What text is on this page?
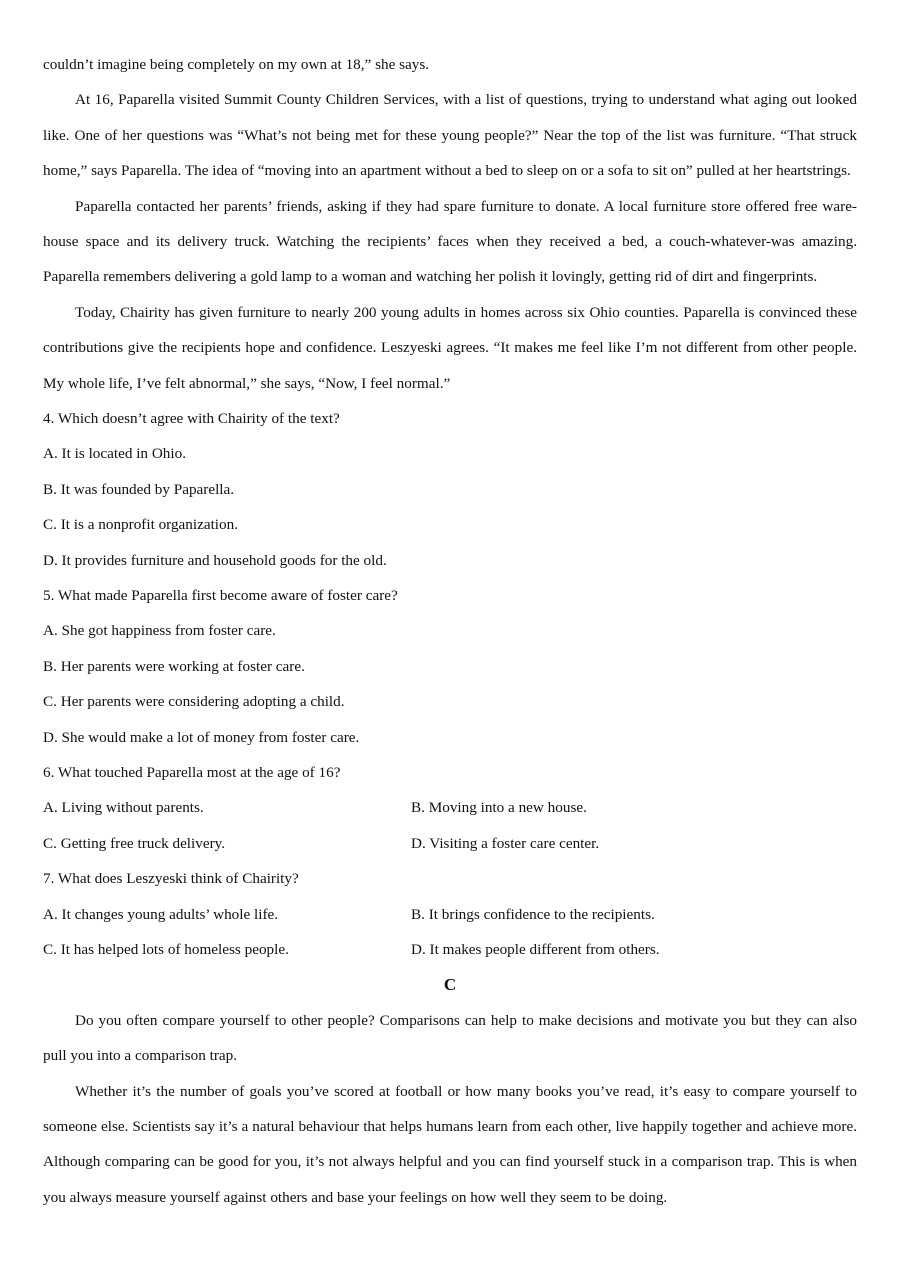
couldn’t imagine being completely on my own at 18,” she says.

At 16, Paparella visited Summit County Children Services, with a list of questions, trying to understand what aging out looked like. One of her questions was “What’s not being met for these young people?” Near the top of the list was furniture. “That struck home,” says Paparella. The idea of “moving into an apartment without a bed to sleep on or a sofa to sit on” pulled at her heartstrings.

Paparella contacted her parents’ friends, asking if they had spare furniture to donate. A local furniture store offered free ware-house space and its delivery truck. Watching the recipients’ faces when they received a bed, a couch-whatever-was amazing. Paparella remembers delivering a gold lamp to a woman and watching her polish it lovingly, getting rid of dirt and fingerprints.

Today, Chairity has given furniture to nearly 200 young adults in homes across six Ohio counties. Paparella is convinced these contributions give the recipients hope and confidence. Leszyeski agrees. “It makes me feel like I’m not different from other people. My whole life, I’ve felt abnormal,” she says, “Now, I feel normal.”

4. Which doesn’t agree with Chairity of the text?

A. It is located in Ohio.

B. It was founded by Paparella.

C. It is a nonprofit organization.

D. It provides furniture and household goods for the old.

5. What made Paparella first become aware of foster care?

A. She got happiness from foster care.

B. Her parents were working at foster care.

C. Her parents were considering adopting a child.

D. She would make a lot of money from foster care.

6. What touched Paparella most at the age of 16?

A. Living without parents.	B. Moving into a new house.

C. Getting free truck delivery.	D. Visiting a foster care center.

7. What does Leszyeski think of Chairity?

A. It changes young adults’ whole life.	B. It brings confidence to the recipients.

C. It has helped lots of homeless people.	D. It makes people different from others.

C

Do you often compare yourself to other people? Comparisons can help to make decisions and motivate you but they can also pull you into a comparison trap.

Whether it’s the number of goals you’ve scored at football or how many books you’ve read, it’s easy to compare yourself to someone else. Scientists say it’s a natural behaviour that helps humans learn from each other, live happily together and achieve more. Although comparing can be good for you, it’s not always helpful and you can find yourself stuck in a comparison trap. This is when you always measure yourself against others and base your feelings on how well they seem to be doing.
